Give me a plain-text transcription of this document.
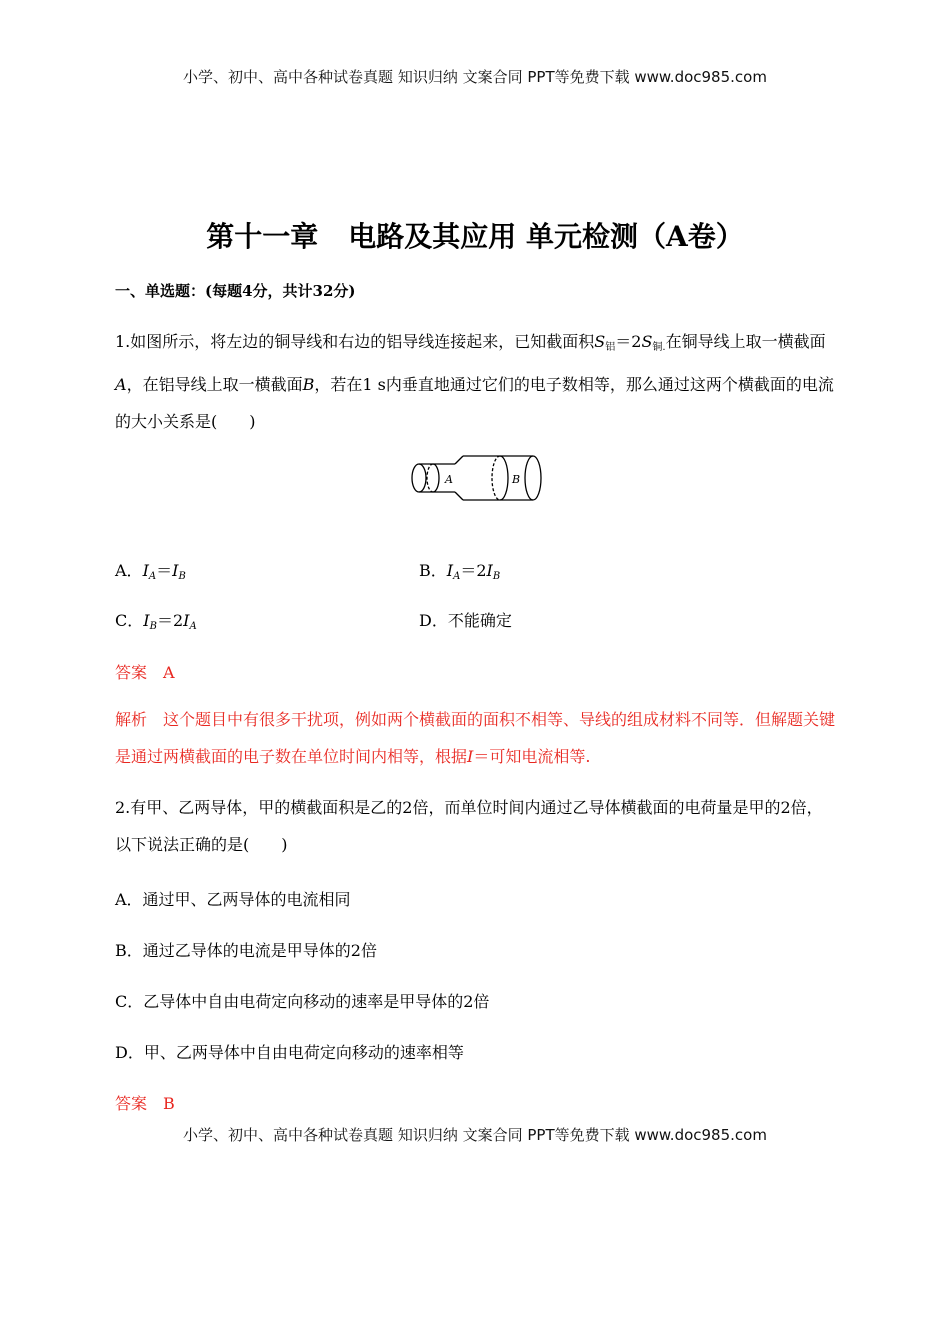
小学、初中、高中各种试卷真题 知识归纳 文案合同 PPT等免费下载 www.doc985.com
第十一章 电路及其应用 单元检测（A卷）
一、单选题：(每题4分，共计32分)
1.如图所示，将左边的铜导线和右边的铝导线连接起来，已知截面积$S_铝=2S_{铜.}$在铜导线上取一横截面A，在铝导线上取一横截面B，若在1 s内垂直地通过它们的电子数相等，那么通过这两个横截面的电流的大小关系是(　　)
A	B
A．$I_A=I_B$	B．$I_A=2I_B$
C．$I_B=2I_A$	D．不能确定
答案 A
解析 这个题目中有很多干扰项，例如两个横截面的面积不相等、导线的组成材料不同等．但解题关键是通过两横截面的电子数在单位时间内相等，根据I＝可知电流相等.
2.有甲、乙两导体，甲的横截面积是乙的2倍，而单位时间内通过乙导体横截面的电荷量是甲的2倍，以下说法正确的是(　　)
A．通过甲、乙两导体的电流相同
B．通过乙导体的电流是甲导体的2倍
C．乙导体中自由电荷定向移动的速率是甲导体的2倍
D．甲、乙两导体中自由电荷定向移动的速率相等
答案 B
小学、初中、高中各种试卷真题 知识归纳 文案合同 PPT等免费下载 www.doc985.com
